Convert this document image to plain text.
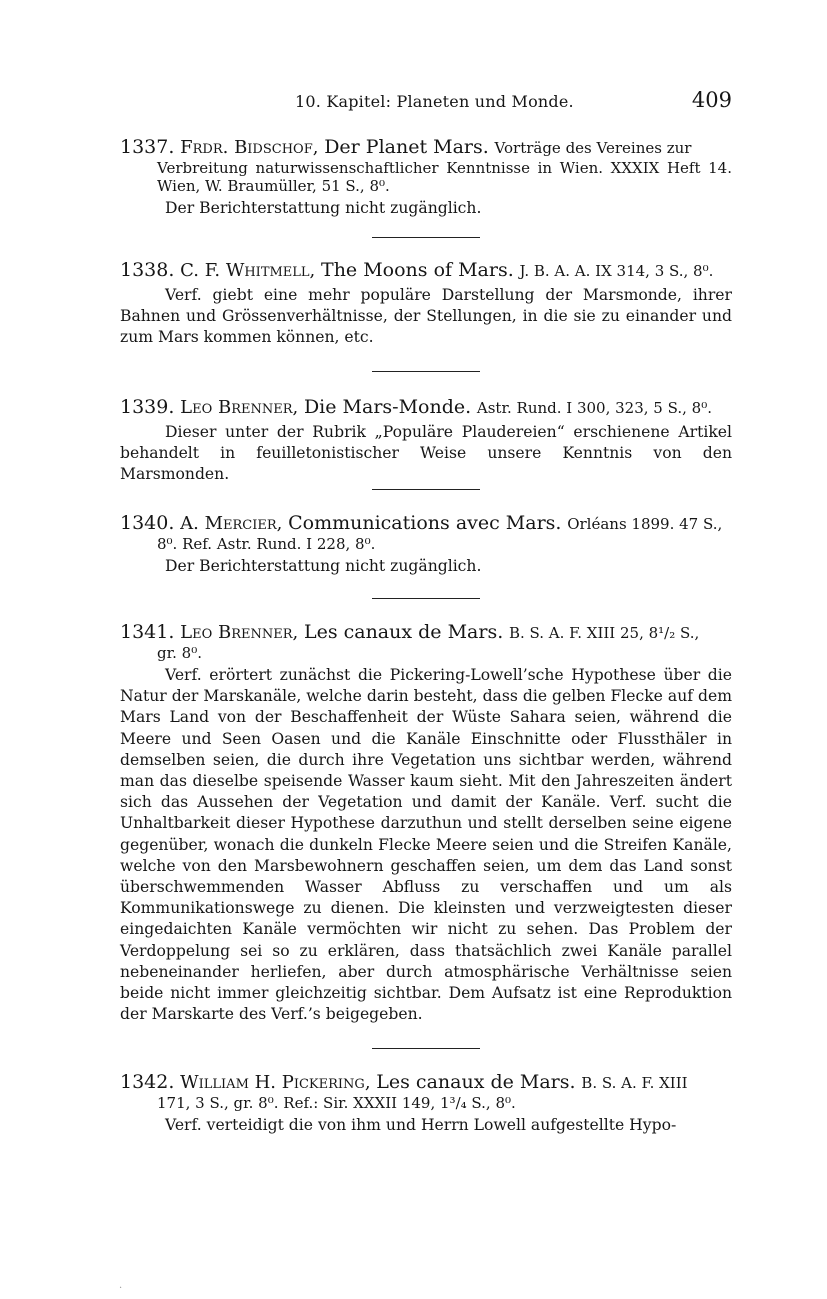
10. Kapitel: Planeten und Monde.	409
1337. Frdr. Bidschof, Der Planet Mars. Vorträge des Vereines zur
Verbreitung naturwissenschaftlicher Kenntnisse in Wien. XXXIX Heft 14. Wien, W. Braumüller, 51 S., 8⁰.
Der Berichterstattung nicht zugänglich.
1338. C. F. Whitmell, The Moons of Mars. J. B. A. A. IX 314, 3 S., 8⁰.
Verf. giebt eine mehr populäre Darstellung der Marsmonde, ihrer Bahnen und Grössenverhältnisse, der Stellungen, in die sie zu einander und zum Mars kommen können, etc.
1339. Leo Brenner, Die Mars-Monde. Astr. Rund. I 300, 323, 5 S., 8⁰.
Dieser unter der Rubrik „Populäre Plaudereien“ erschienene Artikel behandelt in feuilletonistischer Weise unsere Kenntnis von den Marsmonden.
1340. A. Mercier, Communications avec Mars. Orléans 1899. 47 S.,
8⁰. Ref. Astr. Rund. I 228, 8⁰.
Der Berichterstattung nicht zugänglich.
1341. Leo Brenner, Les canaux de Mars. B. S. A. F. XIII 25, 8¹/₂ S.,
gr. 8⁰.
Verf. erörtert zunächst die Pickering-Lowell’sche Hypothese über die Natur der Marskanäle, welche darin besteht, dass die gelben Flecke auf dem Mars Land von der Beschaffenheit der Wüste Sahara seien, während die Meere und Seen Oasen und die Kanäle Einschnitte oder Flussthäler in demselben seien, die durch ihre Vegetation uns sichtbar werden, während man das dieselbe speisende Wasser kaum sieht. Mit den Jahreszeiten ändert sich das Aussehen der Vegetation und damit der Kanäle. Verf. sucht die Unhaltbarkeit dieser Hypothese darzuthun und stellt derselben seine eigene gegenüber, wonach die dunkeln Flecke Meere seien und die Streifen Kanäle, welche von den Marsbewohnern geschaffen seien, um dem das Land sonst überschwemmenden Wasser Abfluss zu verschaffen und um als Kommunikationswege zu dienen. Die kleinsten und verzweigtesten dieser eingedaichten Kanäle vermöchten wir nicht zu sehen. Das Problem der Verdoppelung sei so zu erklären, dass thatsächlich zwei Kanäle parallel nebeneinander herliefen, aber durch atmosphärische Verhältnisse seien beide nicht immer gleichzeitig sichtbar. Dem Aufsatz ist eine Reproduktion der Marskarte des Verf.’s beigegeben.
1342. William H. Pickering, Les canaux de Mars. B. S. A. F. XIII
171, 3 S., gr. 8⁰. Ref.: Sir. XXXII 149, 1³/₄ S., 8⁰.
Verf. verteidigt die von ihm und Herrn Lowell aufgestellte Hypo-
.
